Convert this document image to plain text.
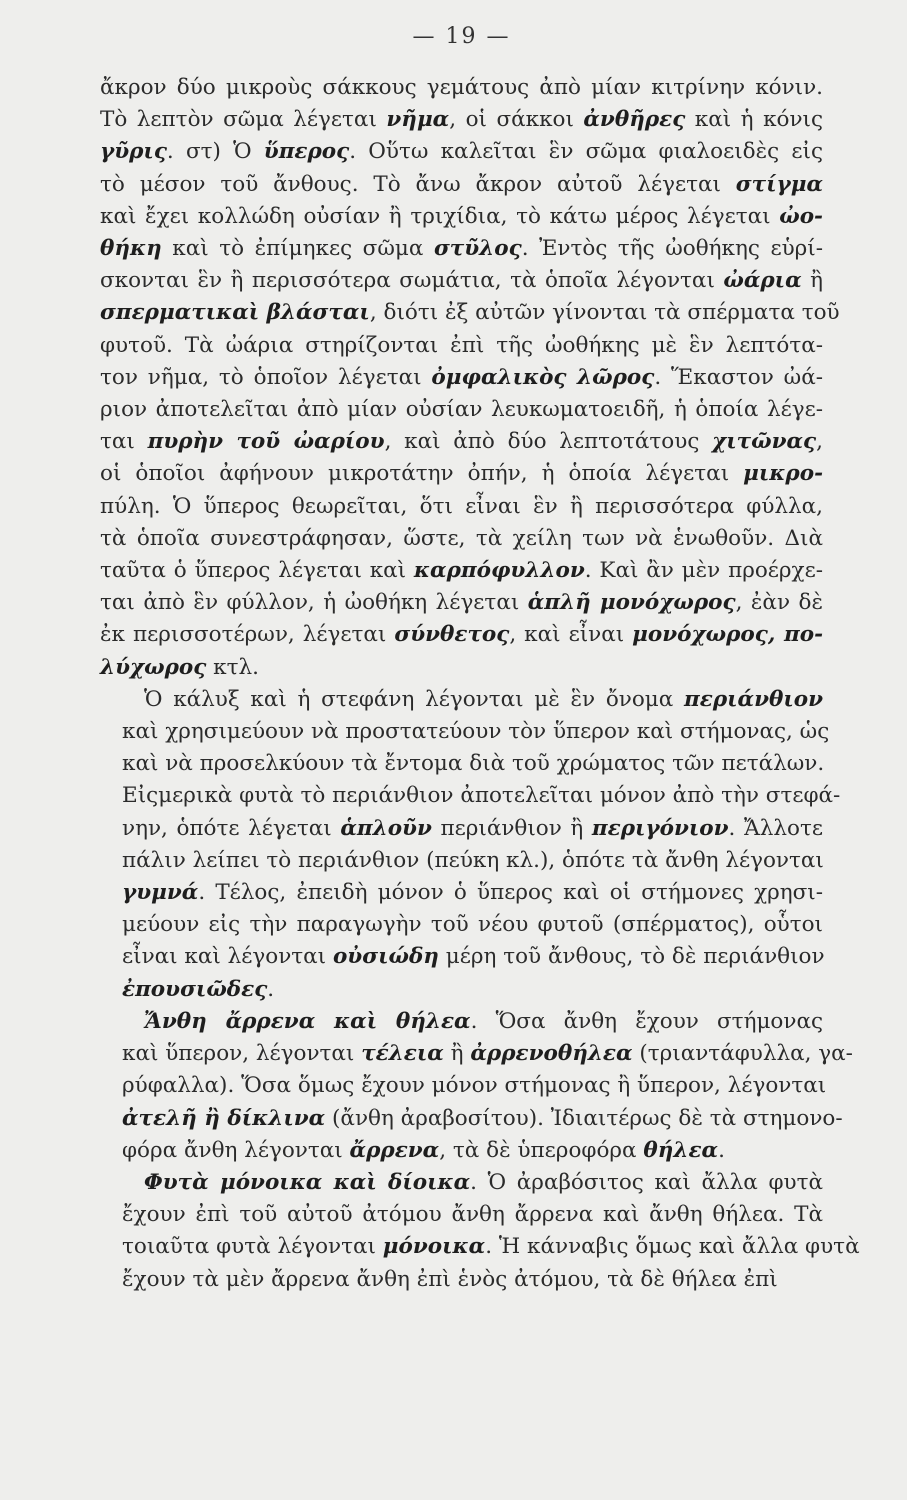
— 19 —
ἄκρον δύο μικροὺς σάκκους γεμάτους ἀπὸ μίαν κιτρίνην κόνιν.
Τὸ λεπτὸν σῶμα λέγεται νῆμα, οἱ σάκκοι ἀνθῆρες καὶ ἡ κόνις
γῦρις. στ) Ὁ ὕπερος. Οὕτω καλεῖται ἓν σῶμα φιαλοειδὲς εἰς
τὸ μέσον τοῦ ἄνθους. Τὸ ἄνω ἄκρον αὐτοῦ λέγεται στίγμα
καὶ ἔχει κολλώδη οὐσίαν ἢ τριχίδια, τὸ κάτω μέρος λέγεται ὠο-
θήκη καὶ τὸ ἐπίμηκες σῶμα στῦλος. Ἐντὸς τῆς ὠοθήκης εὑρί-
σκονται ἓν ἢ περισσότερα σωμάτια, τὰ ὁποῖα λέγονται ὠάρια ἢ
σπερματικαὶ βλάσται, διότι ἐξ αὐτῶν γίνονται τὰ σπέρματα τοῦ
φυτοῦ. Τὰ ὠάρια στηρίζονται ἐπὶ τῆς ὠοθήκης μὲ ἓν λεπτότα-
τον νῆμα, τὸ ὁποῖον λέγεται ὀμφαλικὸς λῶρος. Ἕκαστον ὠά-
ριον ἀποτελεῖται ἀπὸ μίαν οὐσίαν λευκωματοειδῆ, ἡ ὁποία λέγε-
ται πυρὴν τοῦ ὠαρίου, καὶ ἀπὸ δύο λεπτοτάτους χιτῶνας,
οἱ ὁποῖοι ἀφήνουν μικροτάτην ὀπήν, ἡ ὁποία λέγεται μικρο-
πύλη. Ὁ ὕπερος θεωρεῖται, ὅτι εἶναι ἓν ἢ περισσότερα φύλλα,
τὰ ὁποῖα συνεστράφησαν, ὥστε, τὰ χείλη των νὰ ἑνωθοῦν. Διὰ
ταῦτα ὁ ὕπερος λέγεται καὶ καρπόφυλλον. Καὶ ἂν μὲν προέρχε-
ται ἀπὸ ἓν φύλλον, ἡ ὠοθήκη λέγεται ἁπλῆ μονόχωρος, ἐὰν δὲ
ἐκ περισσοτέρων, λέγεται σύνθετος, καὶ εἶναι μονόχωρος, πο-
λύχωρος κτλ.
Ὁ κάλυξ καὶ ἡ στεφάνη λέγονται μὲ ἓν ὄνομα περιάνθιον
καὶ χρησιμεύουν νὰ προστατεύουν τὸν ὕπερον καὶ στήμονας, ὡς
καὶ νὰ προσελκύουν τὰ ἔντομα διὰ τοῦ χρώματος τῶν πετάλων.
Εἰςμερικὰ φυτὰ τὸ περιάνθιον ἀποτελεῖται μόνον ἀπὸ τὴν στεφά-
νην, ὁπότε λέγεται ἁπλοῦν περιάνθιον ἢ περιγόνιον. Ἄλλοτε
πάλιν λείπει τὸ περιάνθιον (πεύκη κλ.), ὁπότε τὰ ἄνθη λέγονται
γυμνά. Τέλος, ἐπειδὴ μόνον ὁ ὕπερος καὶ οἱ στήμονες χρησι-
μεύουν εἰς τὴν παραγωγὴν τοῦ νέου φυτοῦ (σπέρματος), οὗτοι
εἶναι καὶ λέγονται οὐσιώδη μέρη τοῦ ἄνθους, τὸ δὲ περιάνθιον
ἐπουσιῶδες.
Ἄνθη ἄρρενα καὶ θήλεα. Ὅσα ἄνθη ἔχουν στήμονας
καὶ ὕπερον, λέγονται τέλεια ἢ ἀρρενοθήλεα (τριαντάφυλλα, γα-
ρύφαλλα). Ὅσα ὅμως ἔχουν μόνον στήμονας ἢ ὕπερον, λέγονται
ἀτελῆ ἢ δίκλινα (ἄνθη ἀραβοσίτου). Ἰδιαιτέρως δὲ τὰ στημονο-
φόρα ἄνθη λέγονται ἄρρενα, τὰ δὲ ὑπεροφόρα θήλεα.
Φυτὰ μόνοικα καὶ δίοικα. Ὁ ἀραβόσιτος καὶ ἄλλα φυτὰ
ἔχουν ἐπὶ τοῦ αὐτοῦ ἀτόμου ἄνθη ἄρρενα καὶ ἄνθη θήλεα. Τὰ
τοιαῦτα φυτὰ λέγονται μόνοικα. Ἡ κάνναβις ὅμως καὶ ἄλλα φυτὰ
ἔχουν τὰ μὲν ἄρρενα ἄνθη ἐπὶ ἑνὸς ἀτόμου, τὰ δὲ θήλεα ἐπὶ
